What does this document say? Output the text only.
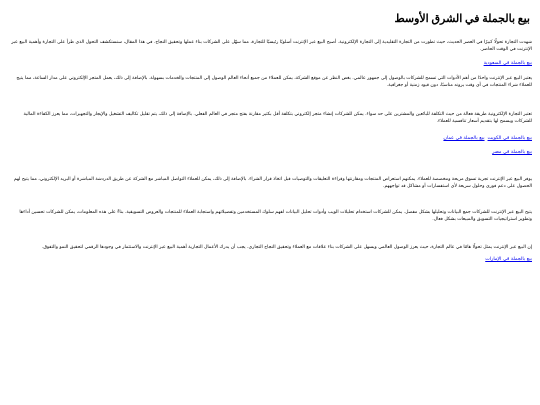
بيع بالجملة في الشرق الأوسط

شهدت التجارة تحولًا كبيرًا في العصر الحديث، حيث تطورت من التجارة التقليدية إلى التجارة الإلكترونية. أصبح البيع عبر الإنترنت أسلوبًا رئيسيًا للتجارة، مما سهّل على الشركات بناء عملها وتحقيق النجاح. في هذا المقال، سنستكشف التحول الذي طرأ على التجارة وأهمية البيع عبر الإنترنت في الوقت الحاضر.

بيع بالجملة في السعودية

يعتبر البيع عبر الإنترنت واحدًا من أهم الأدوات التي تسمح للشركات بالوصول إلى جمهور عالمي. بغض النظر عن موقع الشركة، يمكن للعملاء من جميع أنحاء العالم الوصول إلى المنتجات والخدمات بسهولة. بالإضافة إلى ذلك، يعمل المتجر الإلكتروني على مدار الساعة، مما يتيح للعملاء شراء المنتجات في أي وقت يرونه مناسبًا، دون قيود زمنية أو جغرافية.

تعتبر التجارة الإلكترونية طريقة فعالة من حيث التكلفة للبائعين والمشترين على حد سواء. يمكن للشركات إنشاء متجر إلكتروني بتكلفة أقل بكثير مقارنة بفتح متجر في العالم الفعلي. بالإضافة إلى ذلك، يتم تقليل تكاليف التشغيل والإيجار والتجهيزات، مما يعزز الكفاءة المالية للشركات ويسمح لها بتقديم أسعار تنافسية للعملاء.

بيع بالجملة في الكويتبيع بالجملة في عمان
بيع بالجملة في مصر

يوفر البيع عبر الإنترنت تجربة تسوق مريحة ومخصصة للعملاء. يمكنهم استعراض المنتجات ومقارنتها وقراءة التعليقات والتوصيات قبل اتخاذ قرار الشراء. بالإضافة إلى ذلك، يمكن للعملاء التواصل المباشر مع الشركة عن طريق الدردشة المباشرة أو البريد الإلكتروني، مما يتيح لهم الحصول على دعم فوري وحلول سريعة لأي استفسارات أو مشاكل قد تواجههم.

يتيح البيع عبر الإنترنت للشركات جمع البيانات وتحليلها بشكل مفصل. يمكن للشركات استخدام تحليلات الويب وأدوات تحليل البيانات لفهم سلوك المستخدمين وتفضيلاتهم واستجابة العملاء للمنتجات والعروض التسويقية. بناءً على هذه المعلومات، يمكن للشركات تحسين أداءها وتطوير استراتيجيات التسويق والمبيعات بشكل فعال.

إن البيع عبر الإنترنت يمثل تحولًا هامًا في عالم التجارة، حيث يعزز الوصول العالمي ويسهل على الشركات بناء علاقات مع العملاء وتحقيق النجاح التجاري. يجب أن يدرك الأعمال التجارية أهمية البيع عبر الإنترنت والاستثمار في وجودها الرقمي لتحقيق النمو والتفوق.

بيع بالجملة في الإمارات
